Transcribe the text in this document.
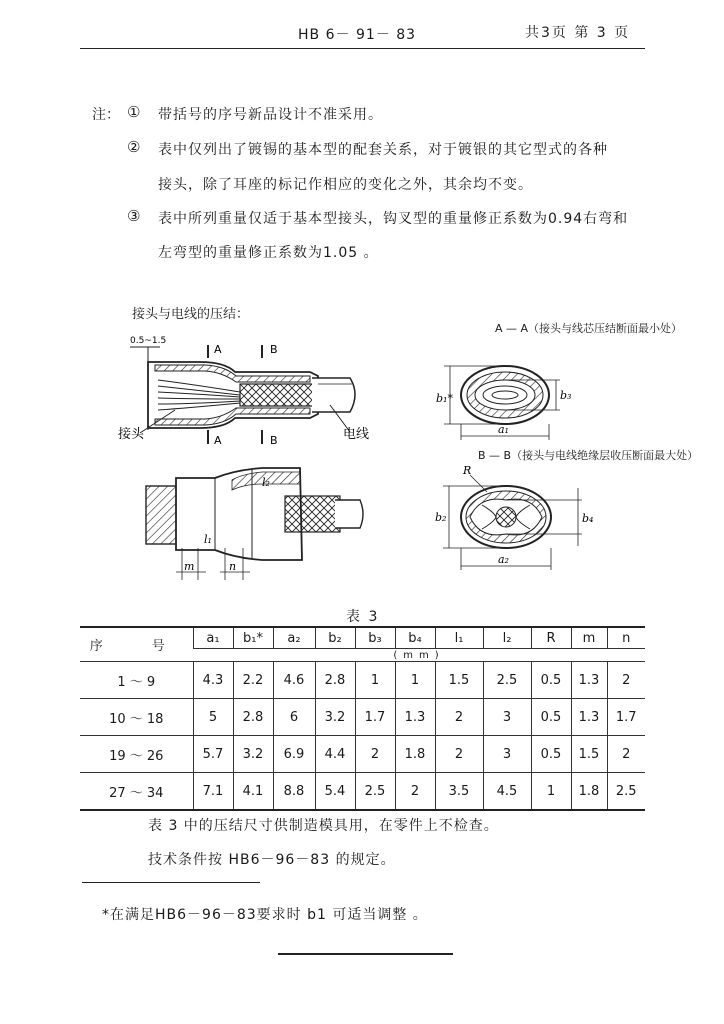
HB 6－ 91－ 83	共3页 第 3 页
注： ① 带括号的序号新品设计不准采用。
② 表中仅列出了镀锡的基本型的配套关系，对于镀银的其它型式的各种
接头，除了耳座的标记作相应的变化之外，其余均不变。
③ 表中所列重量仅适于基本型接头，钩叉型的重量修正系数为0.94右弯和
左弯型的重量修正系数为1.05 。
接头与电线的压结：
A — A（接头与线芯压结断面最小处）
B — B（接头与电线绝缘层收压断面最大处）
0.5~1.5
A
A
B
B
接头	电线
l₂
l₁
m	n
b₁*	b₃
a₁
R
b₂	b₄
a₂
表 3
序　号	a₁	b₁*	a₂	b₂	b₃	b₄	l₁	l₂	R	m	n
	(mm)										
1 ～ 9	4.3	2.2	4.6	2.8	1	1	1.5	2.5	0.5	1.3	2
10 ～ 18	5	2.8	6	3.2	1.7	1.3	2	3	0.5	1.3	1.7
19 ～ 26	5.7	3.2	6.9	4.4	2	1.8	2	3	0.5	1.5	2
27 ～ 34	7.1	4.1	8.8	5.4	2.5	2	3.5	4.5	1	1.8	2.5
表 3 中的压结尺寸供制造模具用，在零件上不检查。
技术条件按 HB6－96－83 的规定。
*在满足HB6－96－83要求时 b1 可适当调整 。
